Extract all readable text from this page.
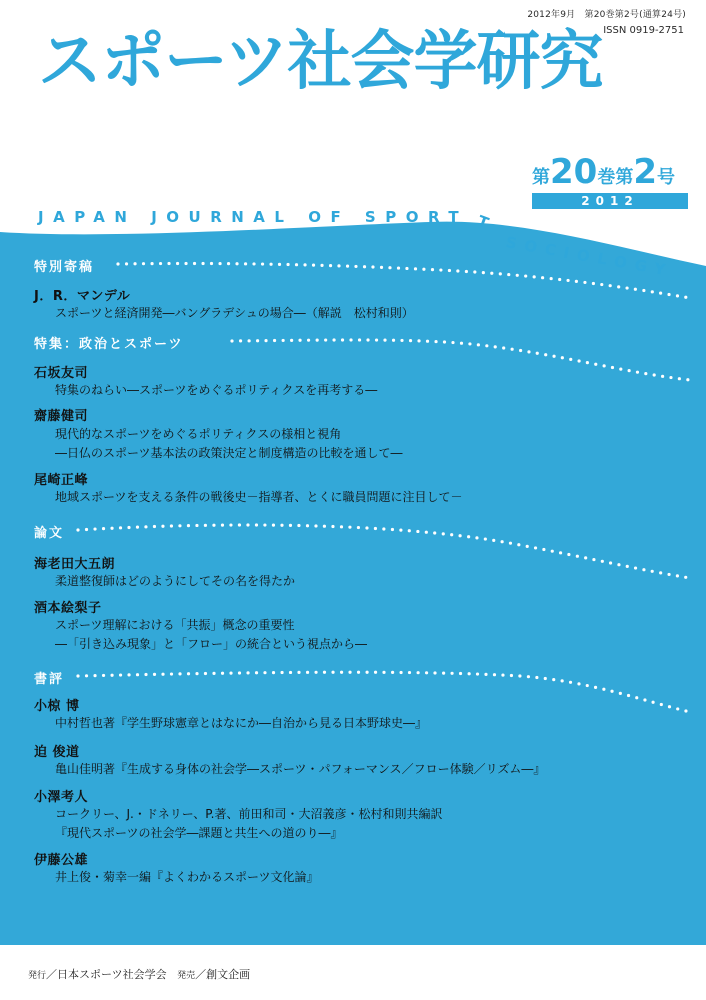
2012年9月　第20巻第2号(通算24号)
ISSN 0919-2751
スポーツ社会学研究
第20巻第2号
2012
JAPAN JOURNAL OF SPORT T
SOCIOLOGY
特別寄稿
J．R．マンデル
スポーツと経済開発―バングラデシュの場合―（解説　松村和則）
特集：政治とスポーツ
石坂友司
特集のねらい―スポーツをめぐるポリティクスを再考する―
齋藤健司
現代的なスポーツをめぐるポリティクスの様相と視角
―日仏のスポーツ基本法の政策決定と制度構造の比較を通して―
尾崎正峰
地域スポーツを支える条件の戦後史－指導者、とくに職員問題に注目して－
論文
海老田大五朗
柔道整復師はどのようにしてその名を得たか
酒本絵梨子
スポーツ理解における「共振」概念の重要性
―「引き込み現象」と「フロー」の統合という視点から―
書評
小椋 博
中村哲也著『学生野球憲章とはなにか―自治から見る日本野球史―』
迫 俊道
亀山佳明著『生成する身体の社会学―スポーツ・パフォーマンス／フロー体験／リズム―』
小澤考人
コークリー、J.・ドネリー、P.著、前田和司・大沼義彦・松村和則共編訳
『現代スポーツの社会学―課題と共生への道のり―』
伊藤公雄
井上俊・菊幸一編『よくわかるスポーツ文化論』
発行／日本スポーツ社会学会 発売／創文企画
